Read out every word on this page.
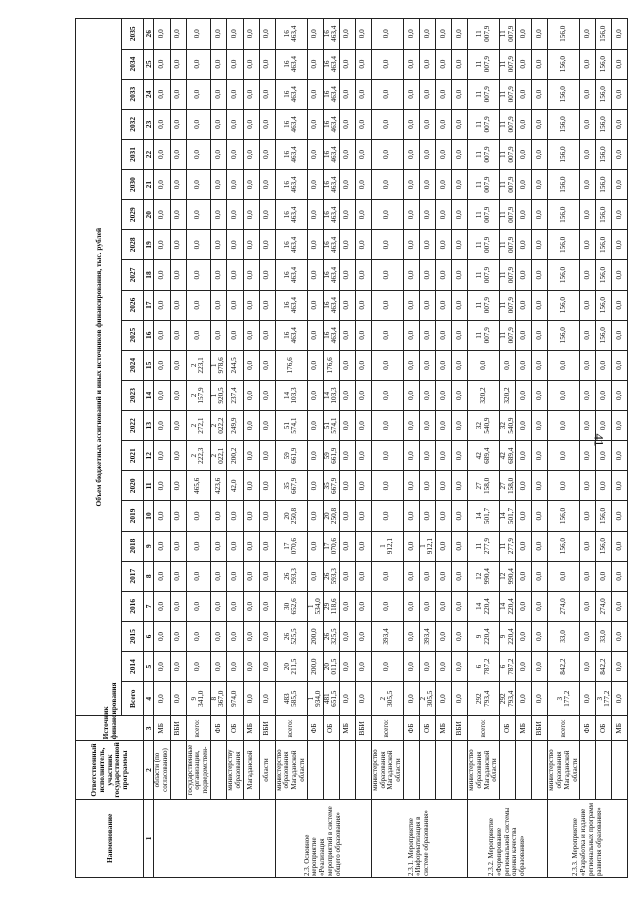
41
Наименование	Ответственный исполнитель, участник государственной программы	Источник финансирования	Объем бюджетных ассигнований и иных источников финансирования, тыс. рублей																						
			Всего	2014	2015	2016	2017	2018	2019	2020	2021	2022	2023	2024	2025	2026	2027	2028	2029	2030	2031	2032	2033	2034	2035
1	2	3	4	5	6	7	8	9	10	11	12	13	14	15	16	17	18	19	20	21	22	23	24	25	26
	области (по согласованию)	МБ	0,0	0,0	0,0	0,0	0,0	0,0	0,0	0,0	0,0	0,0	0,0	0,0	0,0	0,0	0,0	0,0	0,0	0,0	0,0	0,0	0,0	0,0	0,0
		ВБИ	0,0	0,0	0,0	0,0	0,0	0,0	0,0	0,0	0,0	0,0	0,0	0,0	0,0	0,0	0,0	0,0	0,0	0,0	0,0	0,0	0,0	0,0	0,0
	государственные организации, подведомствен-	всего:	9 341,0	0,0	0,0	0,0	0,0	0,0	0,0	465,6	2 222,3	2 272,1	2 157,9	2 223,1	0,0	0,0	0,0	0,0	0,0	0,0	0,0	0,0	0,0	0,0	0,0
		ФБ	8 367,0	0,0	0,0	0,0	0,0	0,0	0,0	423,6	2 022,1	2 022,2	1 920,5	1 978,6	0,0	0,0	0,0	0,0	0,0	0,0	0,0	0,0	0,0	0,0	0,0
	министерству образования	ОБ	974,0	0,0	0,0	0,0	0,0	0,0	0,0	42,0	200,2	249,9	237,4	244,5	0,0	0,0	0,0	0,0	0,0	0,0	0,0	0,0	0,0	0,0	0,0
	Магаданской	МБ	0,0	0,0	0,0	0,0	0,0	0,0	0,0	0,0	0,0	0,0	0,0	0,0	0,0	0,0	0,0	0,0	0,0	0,0	0,0	0,0	0,0	0,0	0,0
	области	ВБИ	0,0	0,0	0,0	0,0	0,0	0,0	0,0	0,0	0,0	0,0	0,0	0,0	0,0	0,0	0,0	0,0	0,0	0,0	0,0	0,0	0,0	0,0	0,0
2.3. Основное мероприятие «Реализация мероприятий в системе общего образования»	министерство образования Магаданской области	всего:	483 585,5	20 211,5	26 525,5	30 652,6	26 593,3	17 070,6	20 250,8	35 667,9	59 661,9	51 574,1	14 103,3	176,6	16 463,4	16 463,4	16 463,4	16 463,4	16 463,4	16 463,4	16 463,4	16 463,4	16 463,4	16 463,4	16 463,4

		ФБ	1 934,0	200,0	200,0	1 534,0	0,0	0,0	0,0	0,0	0,0	0,0	0,0	0,0	0,0	0,0	0,0	0,0	0,0	0,0	0,0	0,0	0,0	0,0	0,0
		ОБ	481 651,5	20 011,5	26 325,5	29 118,6	26 593,3	17 070,6	20 250,8	35 667,9	59 661,9	51 574,1	14 103,3	176,6	16 463,4	16 463,4	16 463,4	16 463,4	16 463,4	16 463,4	16 463,4	16 463,4	16 463,4	16 463,4	16 463,4

		МБ	0,0	0,0	0,0	0,0	0,0	0,0	0,0	0,0	0,0	0,0	0,0	0,0	0,0	0,0	0,0	0,0	0,0	0,0	0,0	0,0	0,0	0,0	0,0
		ВБИ	0,0	0,0	0,0	0,0	0,0	0,0	0,0	0,0	0,0	0,0	0,0	0,0	0,0	0,0	0,0	0,0	0,0	0,0	0,0	0,0	0,0	0,0	0,0
2.3.1. Мероприятие «Информатизация в системе образования»	министерство образования Магаданской области	всего:	2 305,5	0,0	393,4	0,0	0,0	1 912,1	0,0	0,0	0,0	0,0	0,0	0,0	0,0	0,0	0,0	0,0	0,0	0,0	0,0	0,0	0,0	0,0	0,0
		ФБ	0,0	0,0	0,0	0,0	0,0	0,0	0,0	0,0	0,0	0,0	0,0	0,0	0,0	0,0	0,0	0,0	0,0	0,0	0,0	0,0	0,0	0,0	0,0
		ОБ	2 305,5	0,0	393,4	0,0	0,0	1 912,1	0,0	0,0	0,0	0,0	0,0	0,0	0,0	0,0	0,0	0,0	0,0	0,0	0,0	0,0	0,0	0,0	0,0
		МБ	0,0	0,0	0,0	0,0	0,0	0,0	0,0	0,0	0,0	0,0	0,0	0,0	0,0	0,0	0,0	0,0	0,0	0,0	0,0	0,0	0,0	0,0	0,0
		ВБИ	0,0	0,0	0,0	0,0	0,0	0,0	0,0	0,0	0,0	0,0	0,0	0,0	0,0	0,0	0,0	0,0	0,0	0,0	0,0	0,0	0,0	0,0	0,0
2.3.2. Мероприятие «Формирование региональной системы оценки качества образования»	министерство образования Магаданской области	всего:	292 793,4	6 787,2	9 220,4	14 220,4	12 990,4	11 277,9	14 501,7	27 158,0	42 689,4	32 540,9	320,2	0,0	11 007,9	11 007,9	11 007,9	11 007,9	11 007,9	11 007,9	11 007,9	11 007,9	11 007,9	11 007,9	11 007,9

		ОБ	292 793,4	6 787,2	9 220,4	14 220,4	12 990,4	11 277,9	14 501,7	27 158,0	42 689,4	32 540,9	320,2	0,0	11 007,9	11 007,9	11 007,9	11 007,9	11 007,9	11 007,9	11 007,9	11 007,9	11 007,9	11 007,9	11 007,9

		МБ	0,0	0,0	0,0	0,0	0,0	0,0	0,0	0,0	0,0	0,0	0,0	0,0	0,0	0,0	0,0	0,0	0,0	0,0	0,0	0,0	0,0	0,0	0,0
		ВБИ	0,0	0,0	0,0	0,0	0,0	0,0	0,0	0,0	0,0	0,0	0,0	0,0	0,0	0,0	0,0	0,0	0,0	0,0	0,0	0,0	0,0	0,0	0,0
2.3.3. Мероприятие «Разработка и издание региональных программ развития образования»	министерство образования Магаданской области	всего:	3 177,2	842,2	33,0	274,0	0,0	156,0	156,0	0,0	0,0	0,0	0,0	0,0	156,0	156,0	156,0	156,0	156,0	156,0	156,0	156,0	156,0	156,0	156,0
		ФБ	0,0	0,0	0,0	0,0	0,0	0,0	0,0	0,0	0,0	0,0	0,0	0,0	0,0	0,0	0,0	0,0	0,0	0,0	0,0	0,0	0,0	0,0	0,0
		ОБ	3 177,2	842,2	33,0	274,0	0,0	156,0	156,0	0,0	0,0	0,0	0,0	0,0	156,0	156,0	156,0	156,0	156,0	156,0	156,0	156,0	156,0	156,0	156,0
		МБ	0,0	0,0	0,0	0,0	0,0	0,0	0,0	0,0	0,0	0,0	0,0	0,0	0,0	0,0	0,0	0,0	0,0	0,0	0,0	0,0	0,0	0,0	0,0
